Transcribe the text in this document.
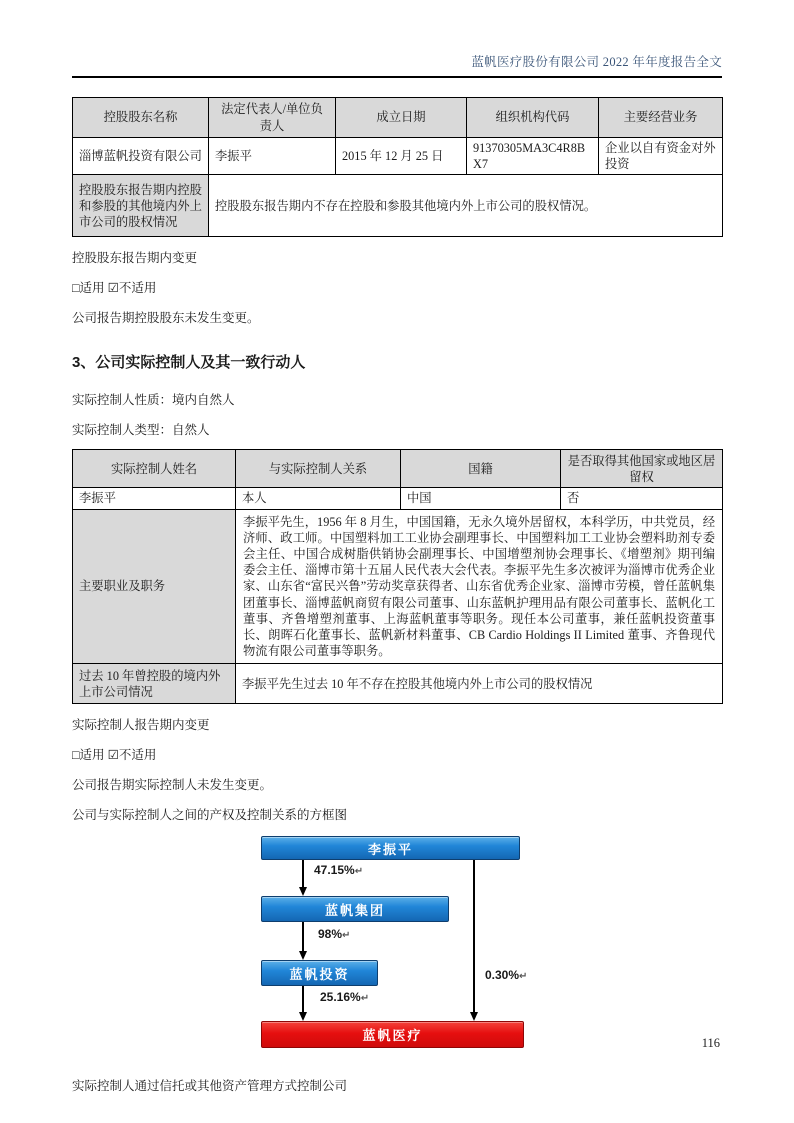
蓝帆医疗股份有限公司 2022 年年度报告全文
控股股东名称	法定代表人/单位负责人	成立日期	组织机构代码	主要经营业务
淄博蓝帆投资有限公司	李振平	2015 年 12 月 25 日	91370305MA3C4R8BX7	企业以自有资金对外投资
控股股东报告期内控股和参股的其他境内外上市公司的股权情况	控股股东报告期内不存在控股和参股其他境内外上市公司的股权情况。			
控股股东报告期内变更
□适用 ☑不适用
公司报告期控股股东未发生变更。
3、公司实际控制人及其一致行动人
实际控制人性质：境内自然人
实际控制人类型：自然人
实际控制人姓名	与实际控制人关系	国籍	是否取得其他国家或地区居留权
李振平	本人	中国	否
主要职业及职务	李振平先生，1956 年 8 月生，中国国籍，无永久境外居留权，本科学历，中共党员，经济师、政工师。中国塑料加工工业协会副理事长、中国塑料加工工业协会塑料助剂专委会主任、中国合成树脂供销协会副理事长、中国增塑剂协会理事长、《增塑剂》期刊编委会主任、淄博市第十五届人民代表大会代表。李振平先生多次被评为淄博市优秀企业家、山东省“富民兴鲁”劳动奖章获得者、山东省优秀企业家、淄博市劳模，曾任蓝帆集团董事长、淄博蓝帆商贸有限公司董事、山东蓝帆护理用品有限公司董事长、蓝帆化工董事、齐鲁增塑剂董事、上海蓝帆董事等职务。现任本公司董事，兼任蓝帆投资董事长、朗晖石化董事长、蓝帆新材料董事、CB Cardio Holdings II Limited 董事、齐鲁现代物流有限公司董事等职务。		
过去 10 年曾控股的境内外上市公司情况	李振平先生过去 10 年不存在控股其他境内外上市公司的股权情况		
实际控制人报告期内变更
□适用 ☑不适用
公司报告期实际控制人未发生变更。
公司与实际控制人之间的产权及控制关系的方框图
李振平
47.15%↵
蓝帆集团
98%↵
蓝帆投资
25.16%↵
0.30%↵
蓝帆医疗
实际控制人通过信托或其他资产管理方式控制公司
116
